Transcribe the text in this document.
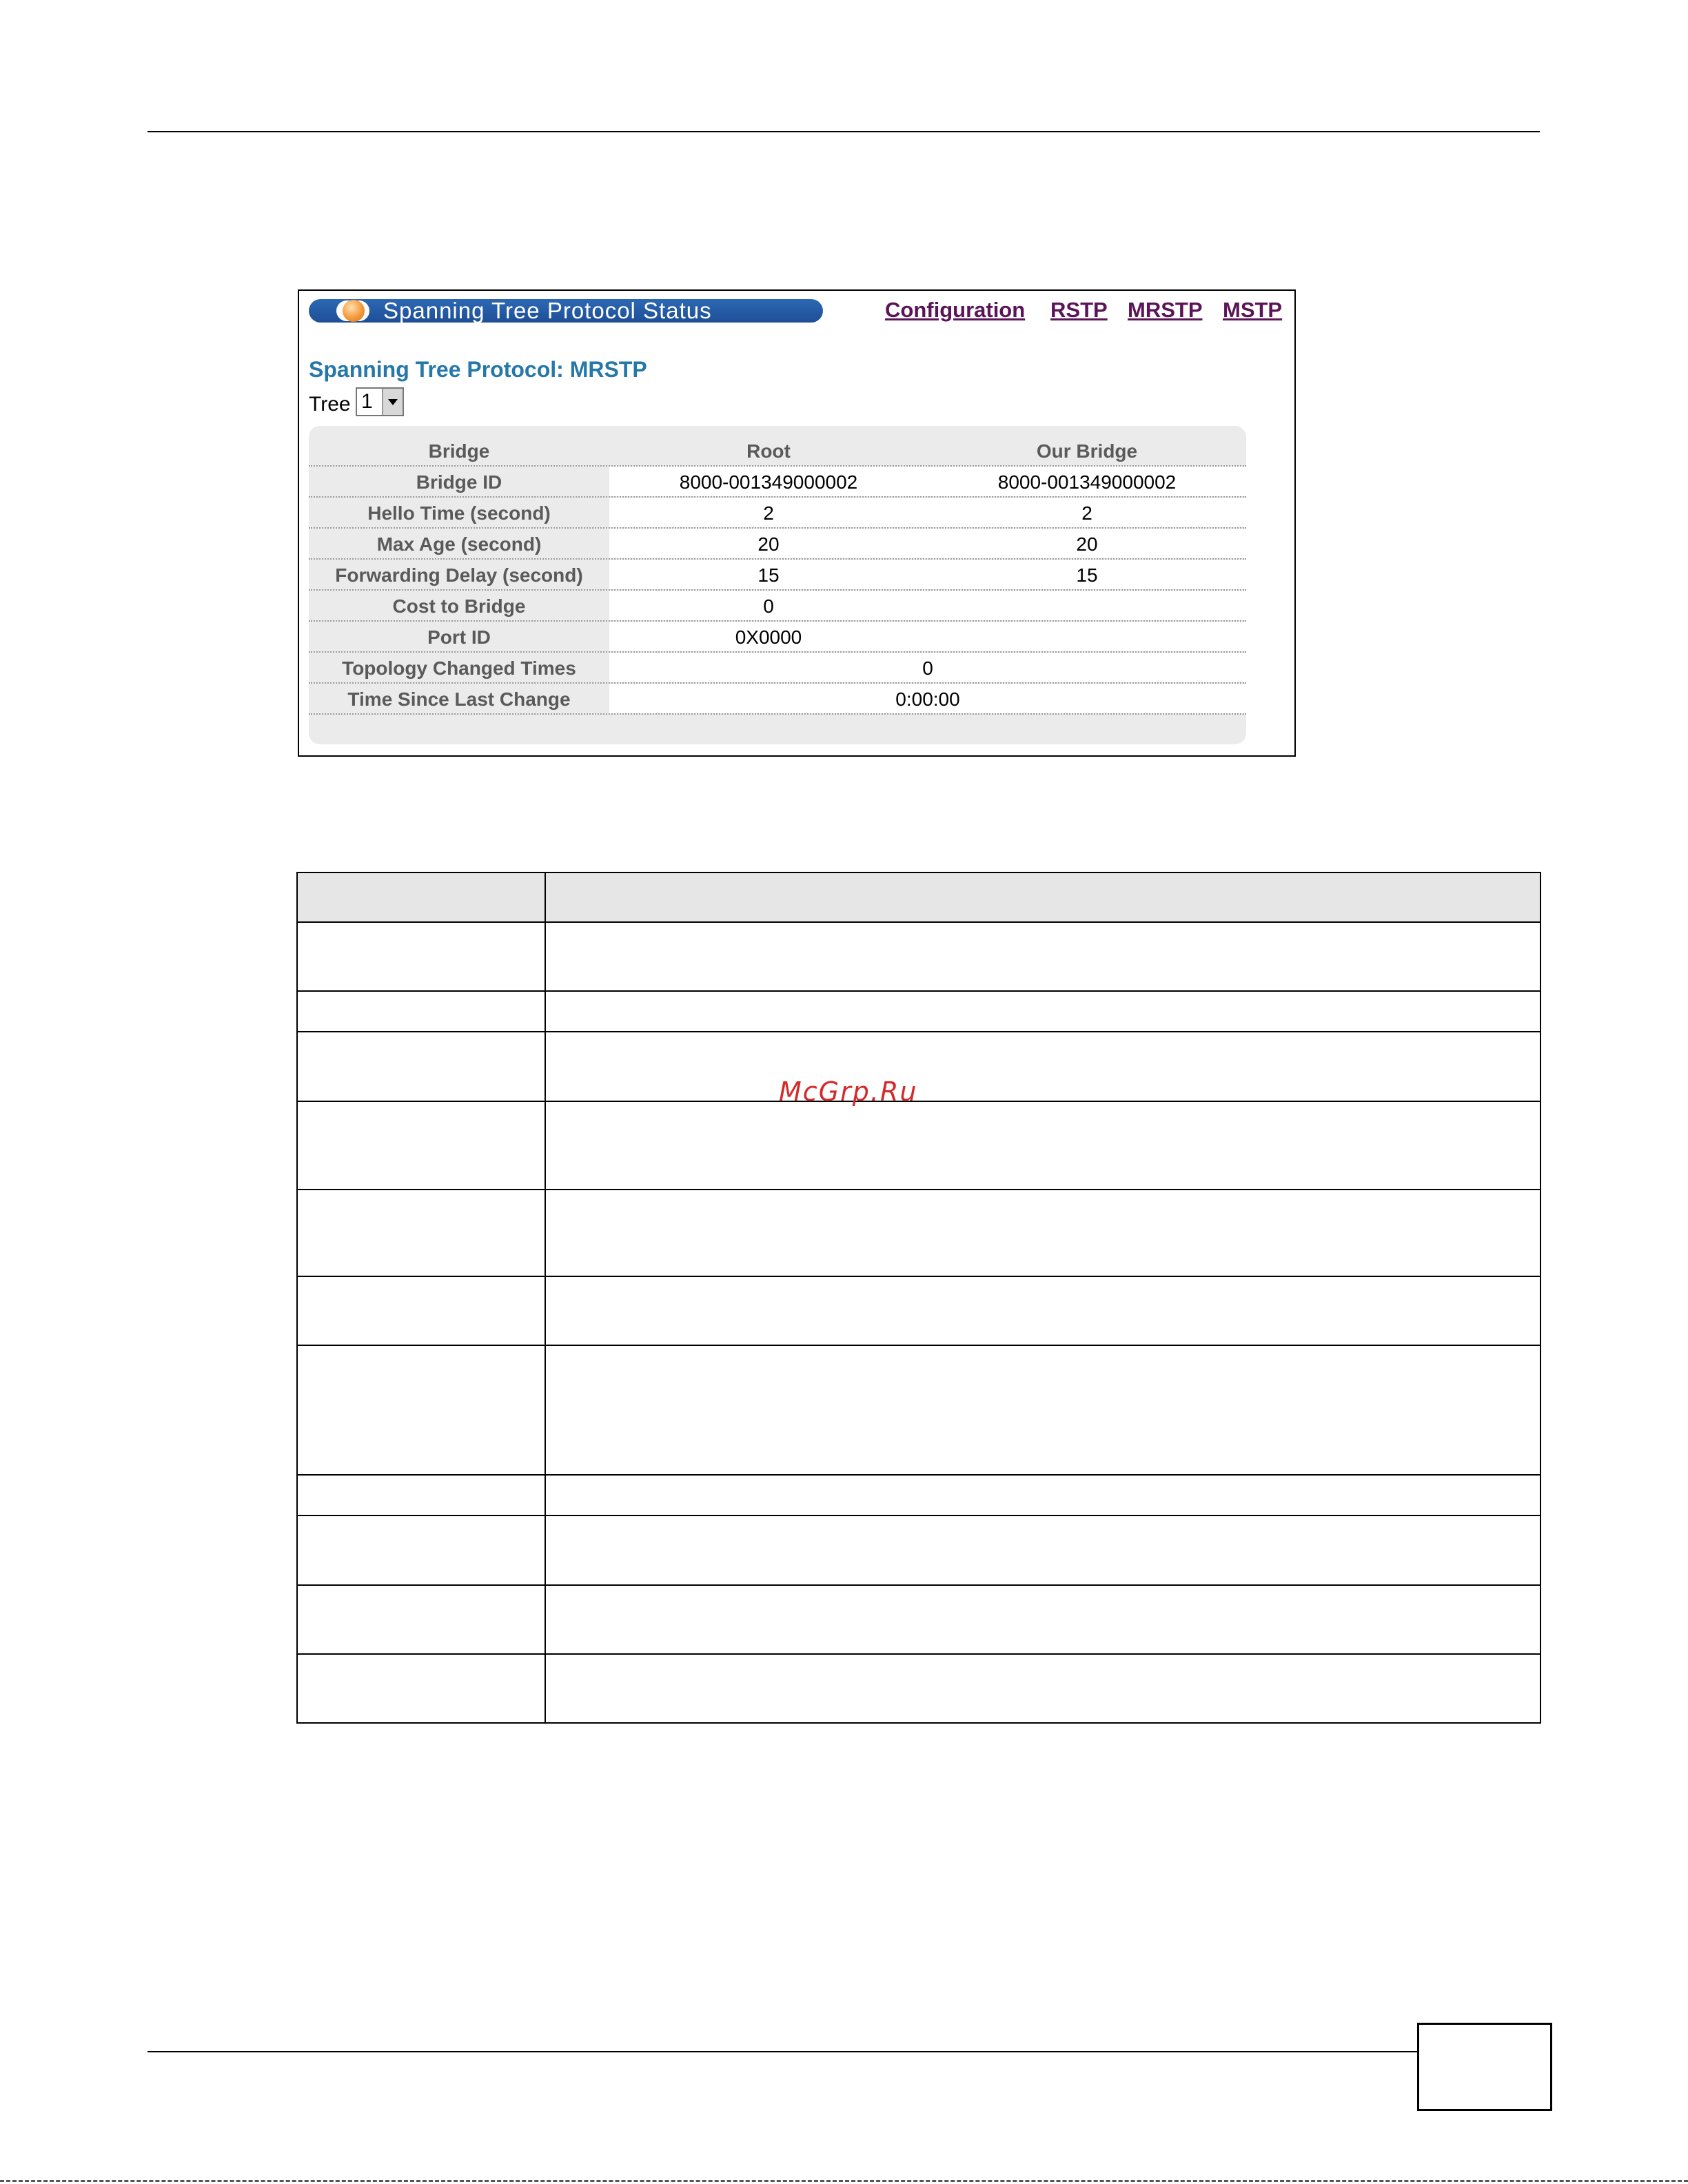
Spanning Tree Protocol Status	Configuration RSTP MRSTP MSTP
Spanning Tree Protocol: MRSTP
Tree 1
Bridge	Root	Our Bridge
Bridge ID	8000-001349000002	8000-001349000002
Hello Time (second)	2	2
Max Age (second)	20	20
Forwarding Delay (second)	15	15
Cost to Bridge	0
Port ID	0X0000
Topology Changed Times	0
Time Since Last Change	0:00:00

McGrp.Ru
